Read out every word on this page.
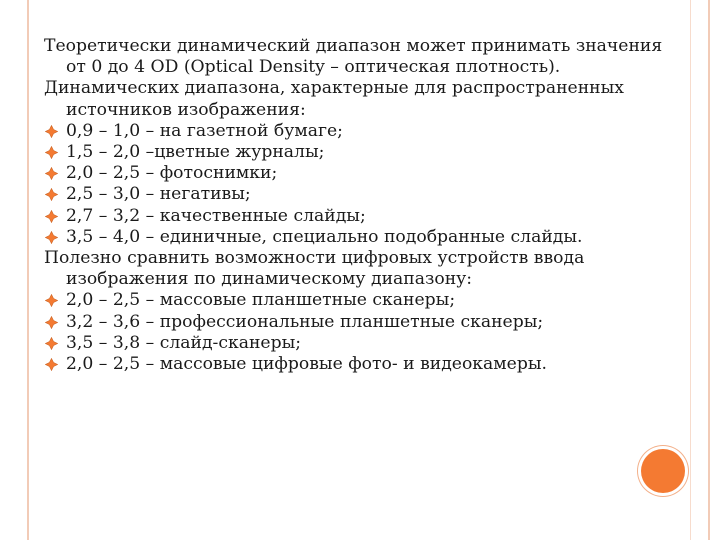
Теоретически динамический диапазон может принимать значения от 0 до 4 OD (Optical Density – оптическая плотность).

Динамических диапазона, характерные для распространенных источников изображения:

0,9 – 1,0 – на газетной бумаге;
1,5 – 2,0 –цветные журналы;
2,0 – 2,5 – фотоснимки;
2,5 – 3,0 – негативы;
2,7 – 3,2 – качественные слайды;
3,5 – 4,0 – единичные, специально подобранные слайды.

Полезно сравнить возможности цифровых устройств ввода изображения по динамическому диапазону:

2,0 – 2,5 – массовые планшетные сканеры;
3,2 – 3,6 – профессиональные планшетные сканеры;
3,5 – 3,8 – слайд-сканеры;
2,0 – 2,5 – массовые цифровые фото- и видеокамеры.
